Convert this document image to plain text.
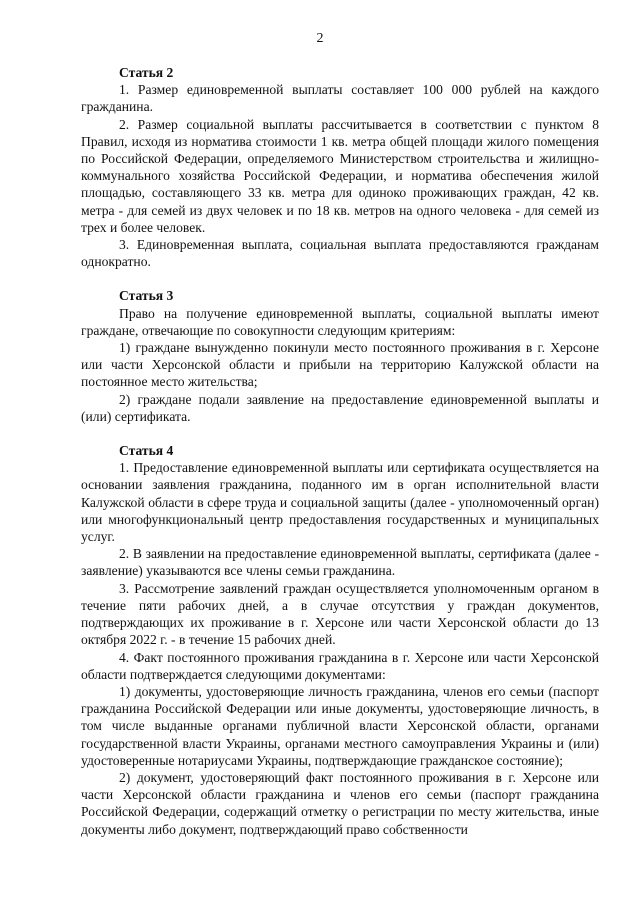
2

Статья 2

1. Размер единовременной выплаты составляет 100 000 рублей на каждого гражданина.

2. Размер социальной выплаты рассчитывается в соответствии с пунктом 8 Правил, исходя из норматива стоимости 1 кв. метра общей площади жилого помещения по Российской Федерации, определяемого Министерством строительства и жилищно-коммунального хозяйства Российской Федерации, и норматива обеспечения жилой площадью, составляющего 33 кв. метра для одиноко проживающих граждан, 42 кв. метра - для семей из двух человек и по 18 кв. метров на одного человека - для семей из трех и более человек.

3. Единовременная выплата, социальная выплата предоставляются гражданам однократно.

Статья 3

Право на получение единовременной выплаты, социальной выплаты имеют граждане, отвечающие по совокупности следующим критериям:

1) граждане вынужденно покинули место постоянного проживания в г. Херсоне или части Херсонской области и прибыли на территорию Калужской области на постоянное место жительства;

2) граждане подали заявление на предоставление единовременной выплаты и (или) сертификата.

Статья 4

1. Предоставление единовременной выплаты или сертификата осуществляется на основании заявления гражданина, поданного им в орган исполнительной власти Калужской области в сфере труда и социальной защиты (далее - уполномоченный орган) или многофункциональный центр предоставления государственных и муниципальных услуг.

2. В заявлении на предоставление единовременной выплаты, сертификата (далее - заявление) указываются все члены семьи гражданина.

3. Рассмотрение заявлений граждан осуществляется уполномоченным органом в течение пяти рабочих дней, а в случае отсутствия у граждан документов, подтверждающих их проживание в г. Херсоне или части Херсонской области до 13 октября 2022 г. - в течение 15 рабочих дней.

4. Факт постоянного проживания гражданина в г. Херсоне или части Херсонской области подтверждается следующими документами:

1) документы, удостоверяющие личность гражданина, членов его семьи (паспорт гражданина Российской Федерации или иные документы, удостоверяющие личность, в том числе выданные органами публичной власти Херсонской области, органами государственной власти Украины, органами местного самоуправления Украины и (или) удостоверенные нотариусами Украины, подтверждающие гражданское состояние);

2) документ, удостоверяющий факт постоянного проживания в г. Херсоне или части Херсонской области гражданина и членов его семьи (паспорт гражданина Российской Федерации, содержащий отметку о регистрации по месту жительства, иные документы либо документ, подтверждающий право собственности
